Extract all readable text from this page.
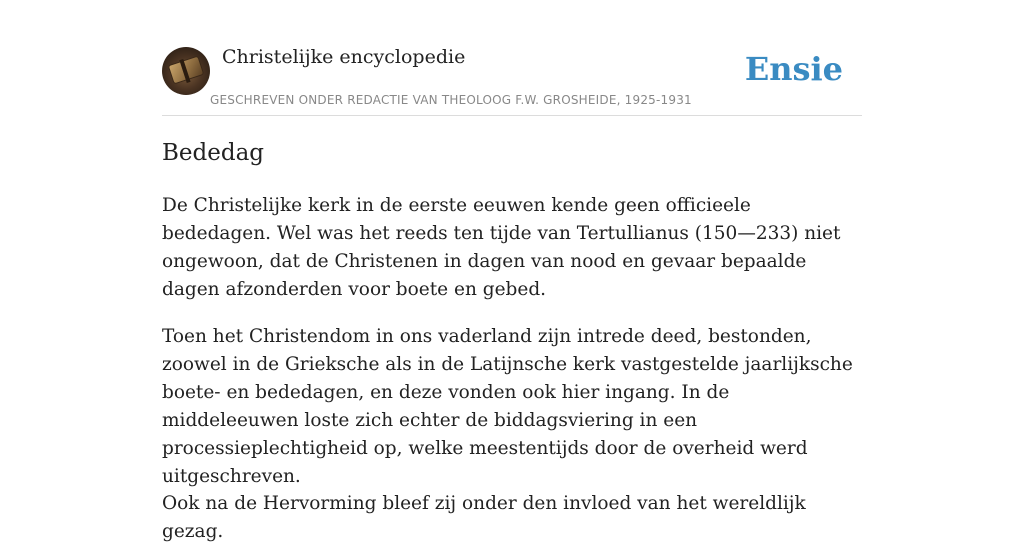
Christelijke encyclopedie
GESCHREVEN ONDER REDACTIE VAN THEOLOOG F.W. GROSHEIDE, 1925-1931
Ensie
Bededag

De Christelijke kerk in de eerste eeuwen kende geen officieele bededagen. Wel was het reeds ten tijde van Tertullianus (150—233) niet ongewoon, dat de Christenen in dagen van nood en gevaar bepaalde dagen afzonderden voor boete en gebed.

Toen het Christendom in ons vaderland zijn intrede deed, bestonden, zoowel in de Grieksche als in de Latijnsche kerk vastgestelde jaarlijksche boete- en bededagen, en deze vonden ook hier ingang. In de middeleeuwen loste zich echter de biddagsviering in een processieplechtigheid op, welke meestentijds door de overheid werd uitgeschreven.

Ook na de Hervorming bleef zij onder den invloed van het wereldlijk gezag.
